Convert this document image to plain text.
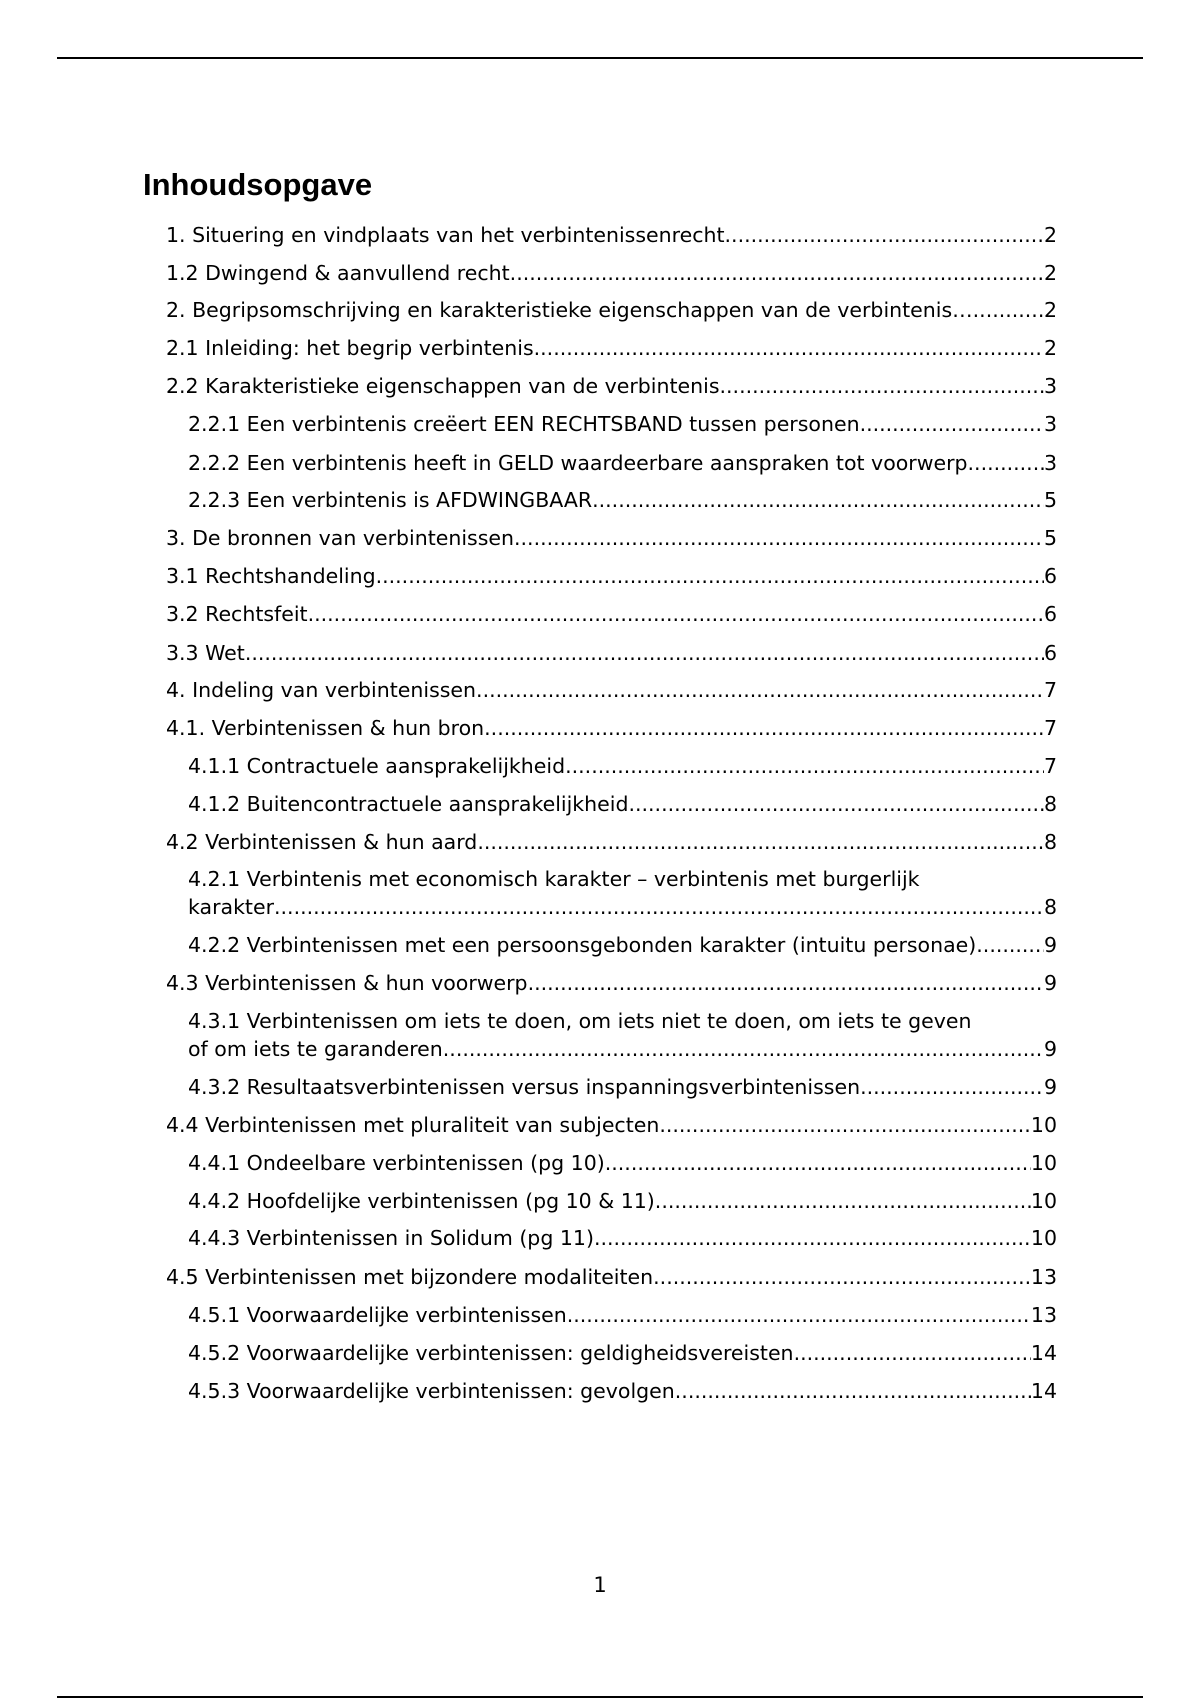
Inhoudsopgave
1. Situering en vindplaats van het verbintenissenrecht .....	2
1.2 Dwingend & aanvullend recht .....	2
2. Begripsomschrijving en karakteristieke eigenschappen van de verbintenis… .....	2
2.1 Inleiding: het begrip verbintenis .....	2
2.2 Karakteristieke eigenschappen van de verbintenis .....	3
2.2.1 Een verbintenis creëert EEN RECHTSBAND tussen personen .....	3
2.2.2 Een verbintenis heeft in GELD waardeerbare aanspraken tot voorwerp. .....	3
2.2.3 Een verbintenis is AFDWINGBAAR .....	5
3. De bronnen van verbintenissen .....	5
3.1 Rechtshandeling .....	6
3.2 Rechtsfeit .....	6
3.3 Wet .....	6
4. Indeling van verbintenissen .....	7
4.1. Verbintenissen & hun bron .....	7
4.1.1 Contractuele aansprakelijkheid .....	7
4.1.2 Buitencontractuele aansprakelijkheid .....	8
4.2 Verbintenissen & hun aard .....	8
4.2.1 Verbintenis met economisch karakter – verbintenis met burgerlijk
karakter .....	8
4.2.2 Verbintenissen met een persoonsgebonden karakter (intuitu personae) .....	9
4.3 Verbintenissen & hun voorwerp .....	9
4.3.1 Verbintenissen om iets te doen, om iets niet te doen, om iets te geven
of om iets te garanderen .....	9
4.3.2 Resultaatsverbintenissen versus inspanningsverbintenissen .....	9
4.4 Verbintenissen met pluraliteit van subjecten .....	10
4.4.1 Ondeelbare verbintenissen (pg 10) .....	10
4.4.2 Hoofdelijke verbintenissen (pg 10 & 11) .....	10
4.4.3 Verbintenissen in Solidum (pg 11) .....	10
4.5 Verbintenissen met bijzondere modaliteiten .....	13
4.5.1 Voorwaardelijke verbintenissen .....	13
4.5.2 Voorwaardelijke verbintenissen: geldigheidsvereisten .....	14
4.5.3 Voorwaardelijke verbintenissen: gevolgen .....	14
1
